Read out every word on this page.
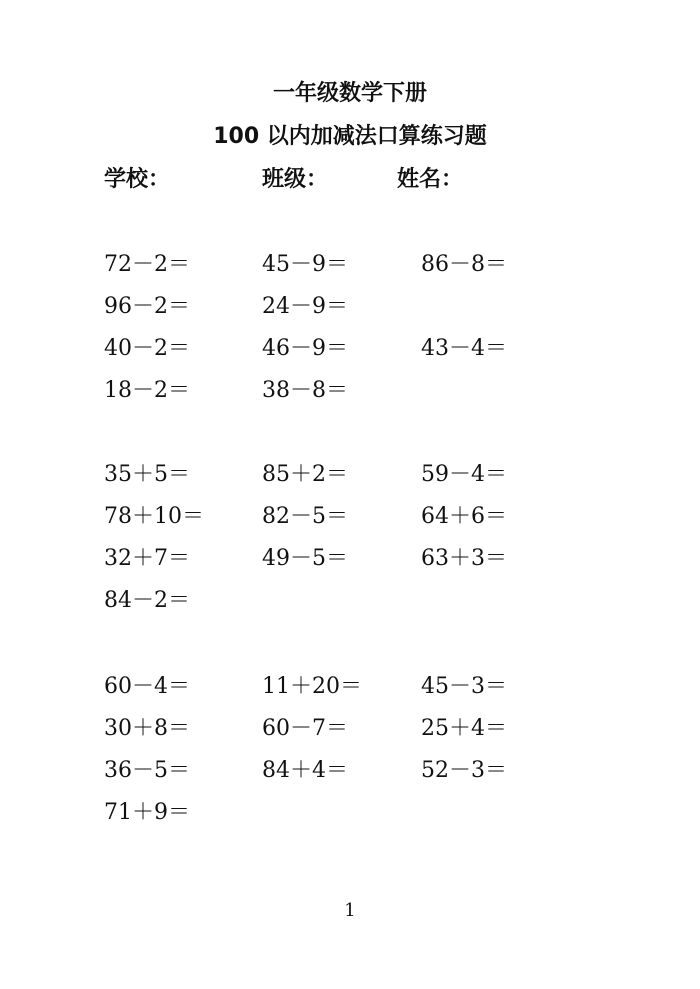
一年级数学下册
100 以内加减法口算练习题
学校：	班级：	姓名：
72－2＝	45－9＝	86－8＝
96－2＝	24－9＝
40－2＝	46－9＝	43－4＝
18－2＝	38－8＝
35＋5＝	85＋2＝	59－4＝
78＋10＝	82－5＝	64＋6＝
32＋7＝	49－5＝	63＋3＝
84－2＝
60－4＝	11＋20＝	45－3＝
30＋8＝	60－7＝	25＋4＝
36－5＝	84＋4＝	52－3＝
71＋9＝
1
